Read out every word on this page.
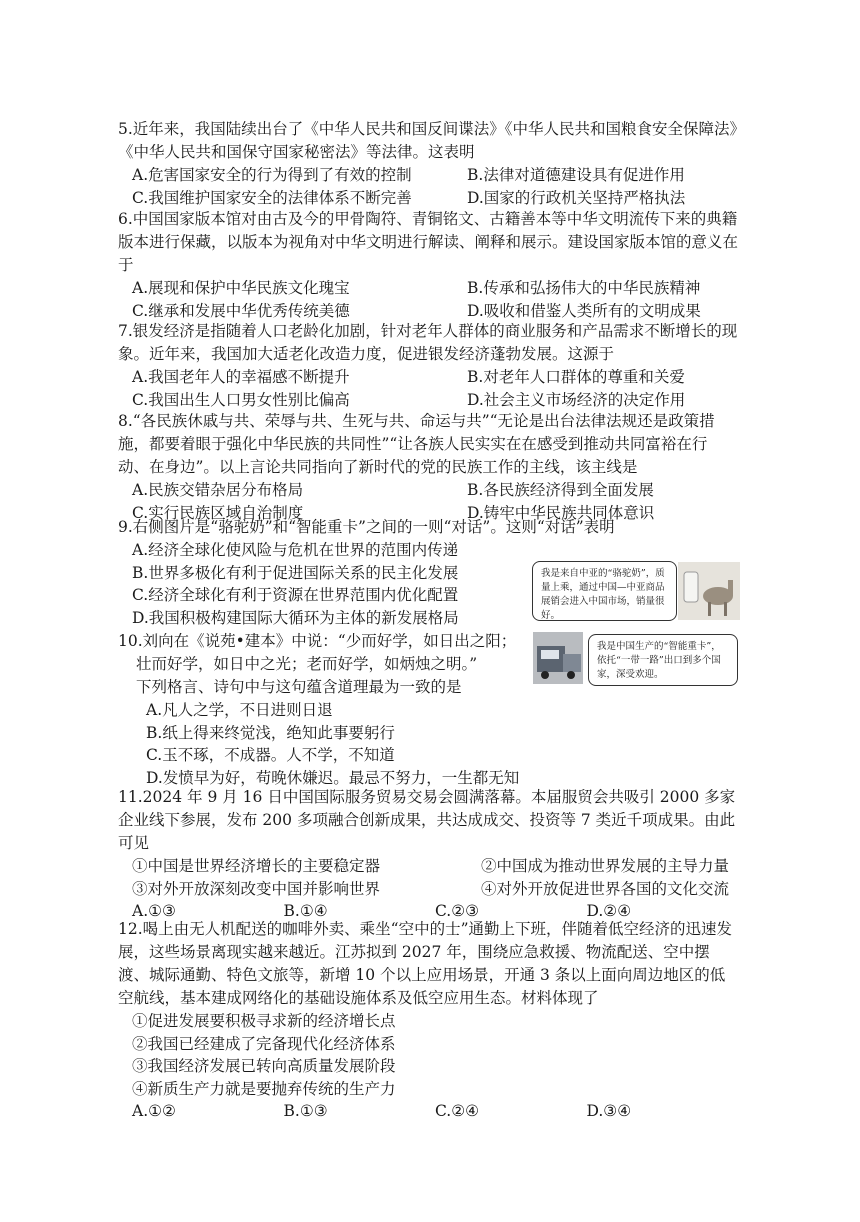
5.近年来，我国陆续出台了《中华人民共和国反间谍法》《中华人民共和国粮食安全保障法》《中华人民共和国保守国家秘密法》等法律。这表明

A.危害国家安全的行为得到了有效的控制	B.法律对道德建设具有促进作用
C.我国维护国家安全的法律体系不断完善	D.国家的行政机关坚持严格执法

6.中国国家版本馆对由古及今的甲骨陶符、青铜铭文、古籍善本等中华文明流传下来的典籍版本进行保藏，以版本为视角对中华文明进行解读、阐释和展示。建设国家版本馆的意义在于

A.展现和保护中华民族文化瑰宝	B.传承和弘扬伟大的中华民族精神
C.继承和发展中华优秀传统美德	D.吸收和借鉴人类所有的文明成果

7.银发经济是指随着人口老龄化加剧，针对老年人群体的商业服务和产品需求不断增长的现象。近年来，我国加大适老化改造力度，促进银发经济蓬勃发展。这源于

A.我国老年人的幸福感不断提升	B.对老年人口群体的尊重和关爱
C.我国出生人口男女性别比偏高	D.社会主义市场经济的决定作用

8.“各民族休戚与共、荣辱与共、生死与共、命运与共”“无论是出台法律法规还是政策措施，都要着眼于强化中华民族的共同性”“让各族人民实实在在感受到推动共同富裕在行动、在身边”。以上言论共同指向了新时代的党的民族工作的主线，该主线是

A.民族交错杂居分布格局	B.各民族经济得到全面发展
C.实行民族区域自治制度	D.铸牢中华民族共同体意识

9.右侧图片是“骆驼奶”和“智能重卡”之间的一则“对话”。这则“对话”表明

A.经济全球化使风险与危机在世界的范围内传递
B.世界多极化有利于促进国际关系的民主化发展
C.经济全球化有利于资源在世界范围内优化配置
D.我国积极构建国际大循环为主体的新发展格局
我是来自中亚的“骆驼奶”，质量上乘，通过中国—中亚商品展销会进入中国市场，销量很好。
我是中国生产的“智能重卡”，依托“一带一路”出口到多个国家，深受欢迎。
10.刘向在《说苑•建本》中说：“少而好学，如日出之阳；
壮而好学，如日中之光；老而好学，如炳烛之明。”
下列格言、诗句中与这句蕴含道理最为一致的是
A.凡人之学，不日进则日退
B.纸上得来终觉浅，绝知此事要躬行
C.玉不琢，不成器。人不学，不知道
D.发愤早为好，苟晚休嫌迟。最忌不努力，一生都无知

11.2024 年 9 月 16 日中国国际服务贸易交易会圆满落幕。本届服贸会共吸引 2000 多家企业线下参展，发布 200 多项融合创新成果，共达成成交、投资等 7 类近千项成果。由此可见

①中国是世界经济增长的主要稳定器	②中国成为推动世界发展的主导力量
③对外开放深刻改变中国并影响世界	④对外开放促进世界各国的文化交流
A.①③	B.①④	C.②③	D.②④

12.喝上由无人机配送的咖啡外卖、乘坐“空中的士”通勤上下班，伴随着低空经济的迅速发展，这些场景离现实越来越近。江苏拟到 2027 年，围绕应急救援、物流配送、空中摆渡、城际通勤、特色文旅等，新增 10 个以上应用场景，开通 3 条以上面向周边地区的低空航线，基本建成网络化的基础设施体系及低空应用生态。材料体现了

①促进发展要积极寻求新的经济增长点
②我国已经建成了完备现代化经济体系
③我国经济发展已转向高质量发展阶段
④新质生产力就是要抛弃传统的生产力
A.①②	B.①③	C.②④	D.③④
